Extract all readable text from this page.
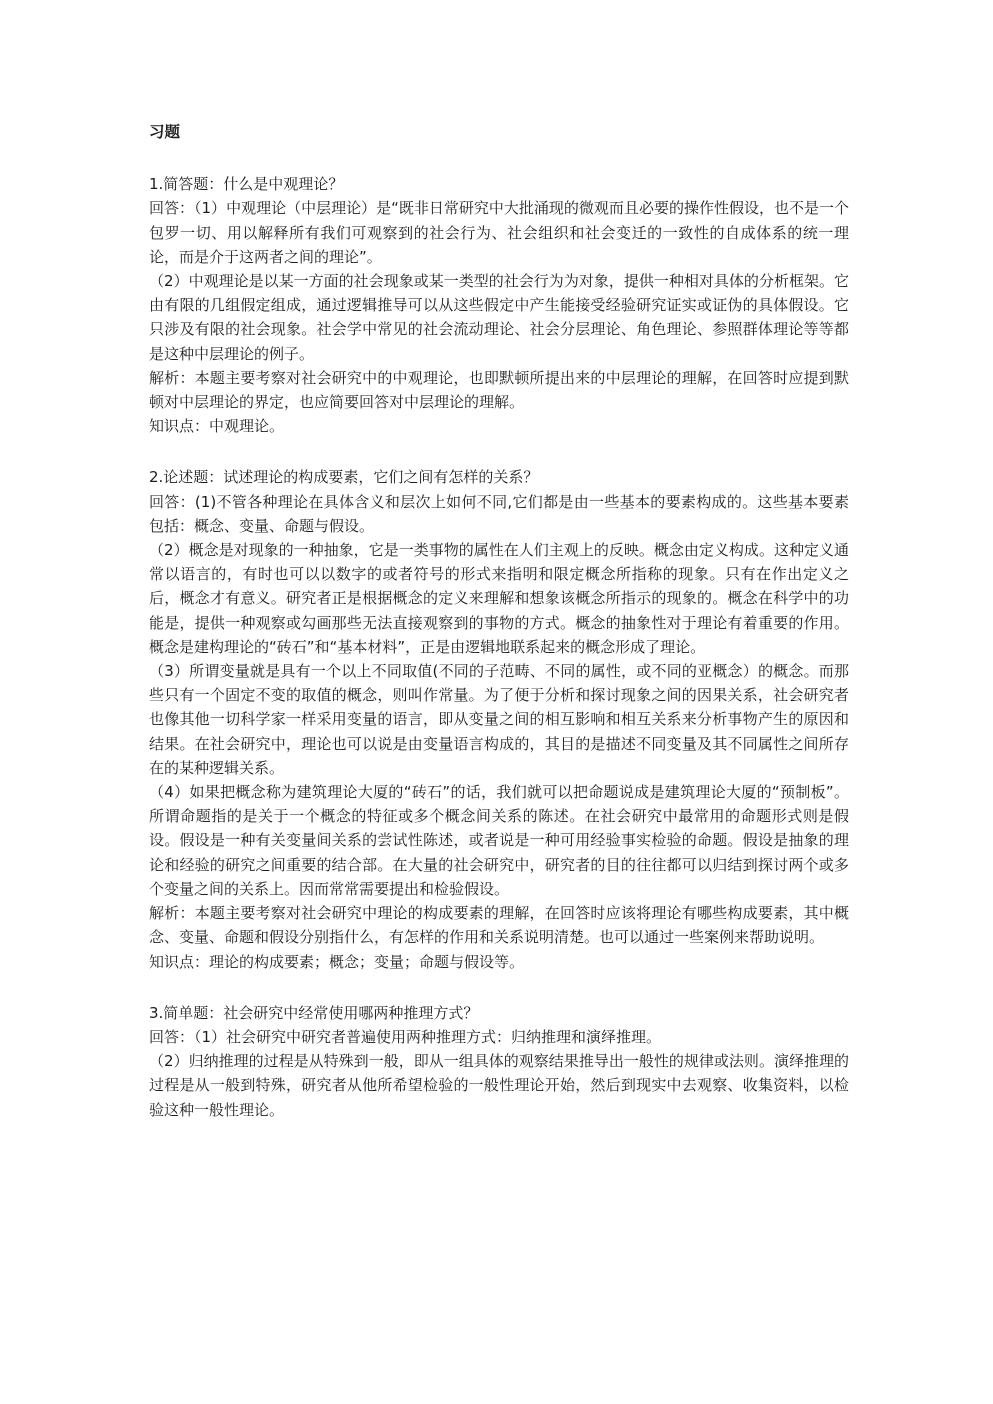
习题

1.简答题：什么是中观理论？

回答：（1）中观理论（中层理论）是“既非日常研究中大批涌现的微观而且必要的操作性假设，也不是一个包罗一切、用以解释所有我们可观察到的社会行为、社会组织和社会变迁的一致性的自成体系的统一理论，而是介于这两者之间的理论”。

（2）中观理论是以某一方面的社会现象或某一类型的社会行为为对象，提供一种相对具体的分析框架。它由有限的几组假定组成，通过逻辑推导可以从这些假定中产生能接受经验研究证实或证伪的具体假设。它只涉及有限的社会现象。社会学中常见的社会流动理论、社会分层理论、角色理论、参照群体理论等等都是这种中层理论的例子。

解析：本题主要考察对社会研究中的中观理论，也即默顿所提出来的中层理论的理解，在回答时应提到默顿对中层理论的界定，也应简要回答对中层理论的理解。

知识点：中观理论。

2.论述题：试述理论的构成要素，它们之间有怎样的关系？

回答：(1)不管各种理论在具体含义和层次上如何不同,它们都是由一些基本的要素构成的。这些基本要素包括：概念、变量、命题与假设。

（2）概念是对现象的一种抽象，它是一类事物的属性在人们主观上的反映。概念由定义构成。这种定义通常以语言的，有时也可以以数字的或者符号的形式来指明和限定概念所指称的现象。只有在作出定义之后，概念才有意义。研究者正是根据概念的定义来理解和想象该概念所指示的现象的。概念在科学中的功能是，提供一种观察或勾画那些无法直接观察到的事物的方式。概念的抽象性对于理论有着重要的作用。概念是建构理论的“砖石”和“基本材料”，正是由逻辑地联系起来的概念形成了理论。

（3）所谓变量就是具有一个以上不同取值(不同的子范畴、不同的属性，或不同的亚概念）的概念。而那些只有一个固定不变的取值的概念，则叫作常量。为了便于分析和探讨现象之间的因果关系，社会研究者也像其他一切科学家一样采用变量的语言，即从变量之间的相互影响和相互关系来分析事物产生的原因和结果。在社会研究中，理论也可以说是由变量语言构成的，其目的是描述不同变量及其不同属性之间所存在的某种逻辑关系。

（4）如果把概念称为建筑理论大厦的“砖石”的话，我们就可以把命题说成是建筑理论大厦的“预制板”。所谓命题指的是关于一个概念的特征或多个概念间关系的陈述。在社会研究中最常用的命题形式则是假设。假设是一种有关变量间关系的尝试性陈述，或者说是一种可用经验事实检验的命题。假设是抽象的理论和经验的研究之间重要的结合部。在大量的社会研究中，研究者的目的往往都可以归结到探讨两个或多个变量之间的关系上。因而常常需要提出和检验假设。

解析：本题主要考察对社会研究中理论的构成要素的理解，在回答时应该将理论有哪些构成要素，其中概念、变量、命题和假设分别指什么，有怎样的作用和关系说明清楚。也可以通过一些案例来帮助说明。

知识点：理论的构成要素；概念；变量；命题与假设等。

3.简单题：社会研究中经常使用哪两种推理方式？

回答：（1）社会研究中研究者普遍使用两种推理方式：归纳推理和演绎推理。

（2）归纳推理的过程是从特殊到一般，即从一组具体的观察结果推导出一般性的规律或法则。演绎推理的过程是从一般到特殊，研究者从他所希望检验的一般性理论开始，然后到现实中去观察、收集资料，以检验这种一般性理论。
